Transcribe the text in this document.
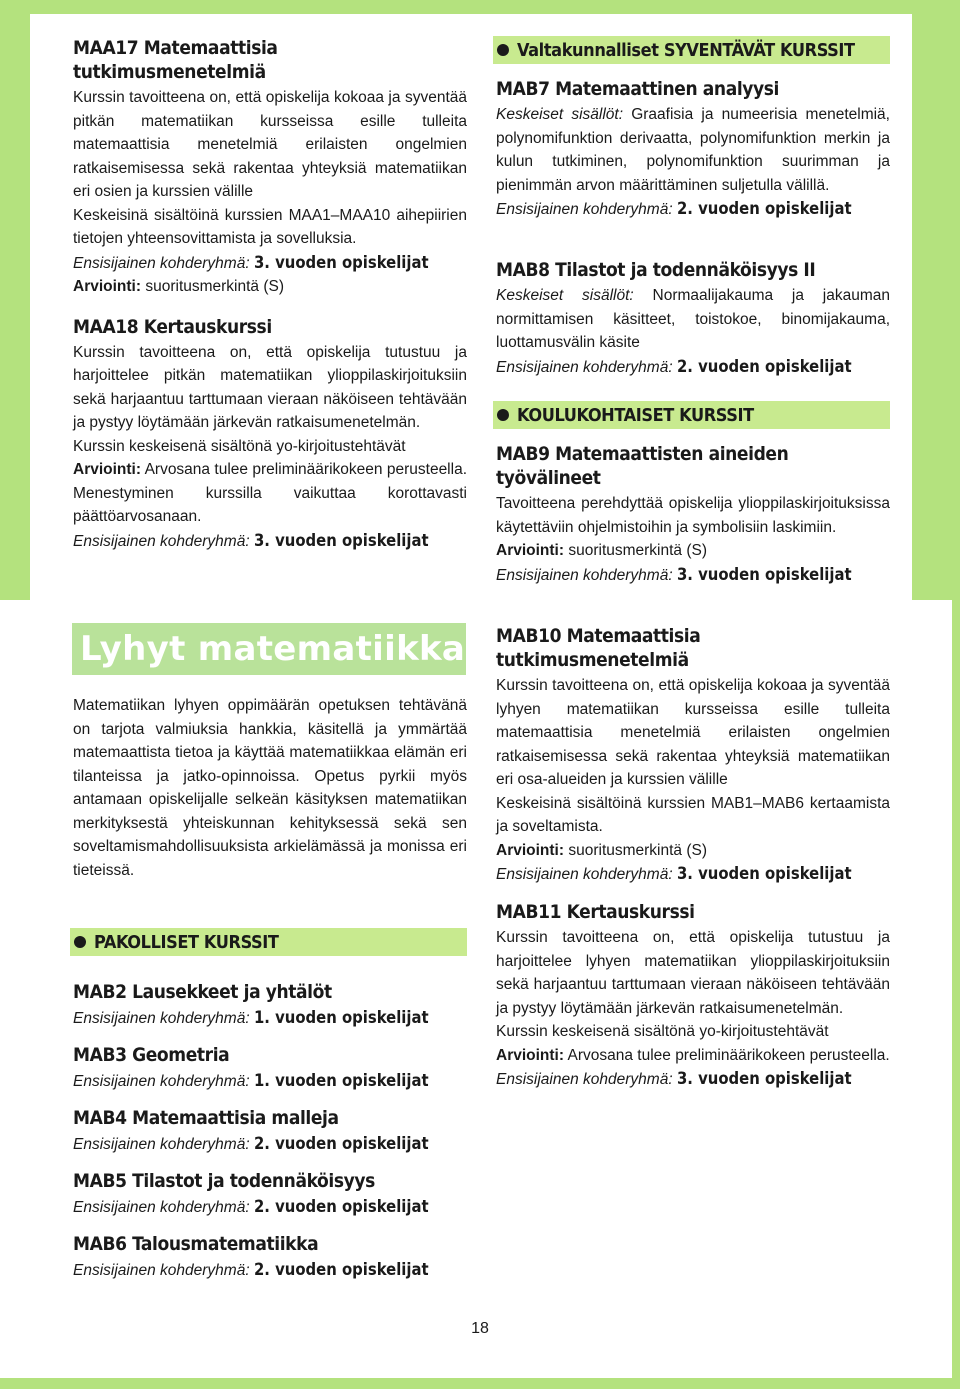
MAA17 Matemaattisia tutkimusmenetelmiä

Kurssin tavoitteena on, että opiskelija kokoaa ja syventää pitkän matematiikan kursseissa esille tulleita matemaattisia menetelmiä erilaisten ongelmien ratkaisemisessa sekä rakentaa yhteyksiä matematiikan eri osien ja kurssien välille

Keskeisinä sisältöinä kurssien MAA1–MAA10 aihepiirien tietojen yhteensovittamista ja sovelluksia.

Ensisijainen kohderyhmä: 3. vuoden opiskelijat

Arviointi: suoritusmerkintä (S)

MAA18 Kertauskurssi

Kurssin tavoitteena on, että opiskelija tutustuu ja harjoittelee pitkän matematiikan ylioppilaskirjoituksiin sekä harjaantuu tarttumaan vieraan näköiseen tehtävään ja pystyy löytämään järkevän ratkaisumenetelmän.

Kurssin keskeisenä sisältönä yo-kirjoitustehtävät

Arviointi: Arvosana tulee preliminäärikokeen perusteella. Menestyminen kurssilla vaikuttaa korottavasti päättöarvosanaan.

Ensisijainen kohderyhmä: 3. vuoden opiskelijat

Lyhyt matematiikka

Matematiikan lyhyen oppimäärän opetuksen tehtävänä on tarjota valmiuksia hankkia, käsitellä ja ymmärtää matemaattista tietoa ja käyttää matematiikkaa elämän eri tilanteissa ja jatko-opinnoissa. Opetus pyrkii myös antamaan opiskelijalle selkeän käsityksen matematiikan merkityksestä yhteiskunnan kehityksessä sekä sen soveltamismahdollisuuksista arkielämässä ja monissa eri tieteissä.

PAKOLLISET KURSSIT
MAB2 Lausekkeet ja yhtälöt

Ensisijainen kohderyhmä: 1. vuoden opiskelijat

MAB3 Geometria

Ensisijainen kohderyhmä: 1. vuoden opiskelijat

MAB4 Matemaattisia malleja

Ensisijainen kohderyhmä: 2. vuoden opiskelijat

MAB5 Tilastot ja todennäköisyys

Ensisijainen kohderyhmä: 2. vuoden opiskelijat

MAB6 Talousmatematiikka

Ensisijainen kohderyhmä: 2. vuoden opiskelijat

Valtakunnalliset SYVENTÄVÄT KURSSIT
MAB7 Matemaattinen analyysi

Keskeiset sisällöt: Graafisia ja numeerisia menetelmiä, polynomifunktion derivaatta, polynomifunktion merkin ja kulun tutkiminen, polynomifunktion suurimman ja pienimmän arvon määrittäminen suljetulla välillä.

Ensisijainen kohderyhmä: 2. vuoden opiskelijat

MAB8 Tilastot ja todennäköisyys II

Keskeiset sisällöt: Normaalijakauma ja jakauman normittamisen käsitteet, toistokoe, binomijakauma, luottamusvälin käsite

Ensisijainen kohderyhmä: 2. vuoden opiskelijat

KOULUKOHTAISET KURSSIT
MAB9 Matemaattisten aineiden työvälineet

Tavoitteena perehdyttää opiskelija ylioppilaskirjoituksissa käytettäviin ohjelmistoihin ja symbolisiin laskimiin.

Arviointi: suoritusmerkintä (S)

Ensisijainen kohderyhmä: 3. vuoden opiskelijat

MAB10 Matemaattisia tutkimusmenetelmiä

Kurssin tavoitteena on, että opiskelija kokoaa ja syventää lyhyen matematiikan kursseissa esille tulleita matemaattisia menetelmiä erilaisten ongelmien ratkaisemisessa sekä rakentaa yhteyksiä matematiikan eri osa-alueiden ja kurssien välille

Keskeisinä sisältöinä kurssien MAB1–MAB6 kertaamista ja soveltamista.

Arviointi: suoritusmerkintä (S)

Ensisijainen kohderyhmä: 3. vuoden opiskelijat

MAB11 Kertauskurssi

Kurssin tavoitteena on, että opiskelija tutustuu ja harjoittelee lyhyen matematiikan ylioppilaskirjoituksiin sekä harjaantuu tarttumaan vieraan näköiseen tehtävään ja pystyy löytämään järkevän ratkaisumenetelmän.

Kurssin keskeisenä sisältönä yo-kirjoitustehtävät

Arviointi: Arvosana tulee preliminäärikokeen perusteella.

Ensisijainen kohderyhmä: 3. vuoden opiskelijat

18
